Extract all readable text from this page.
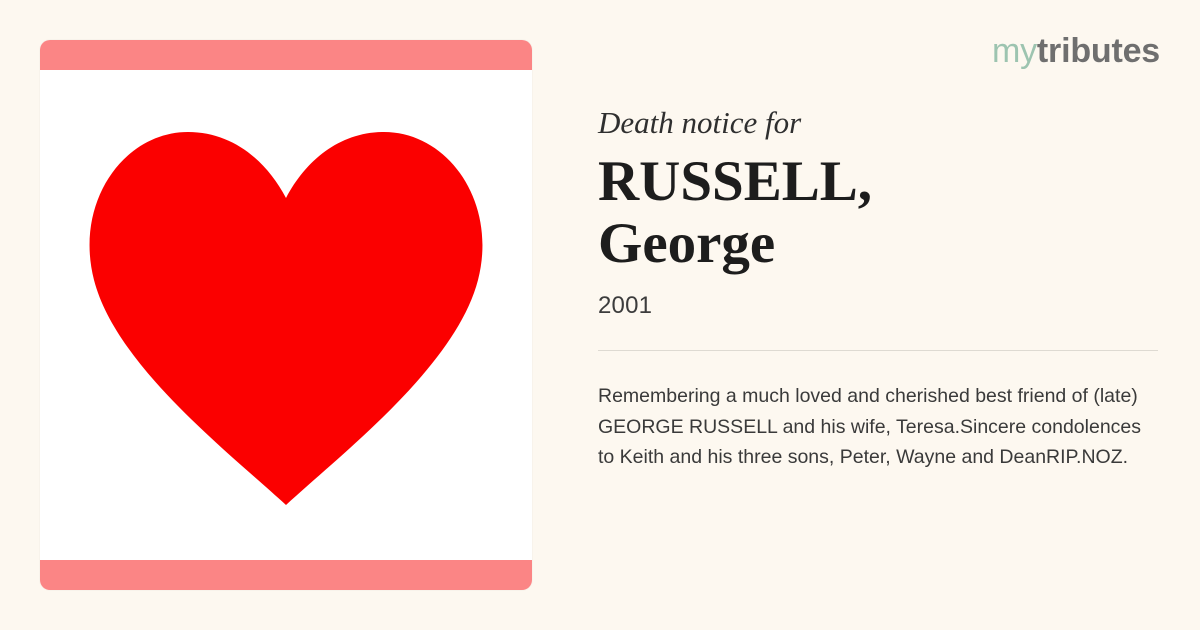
mytributes

Death notice for

RUSSELL, George

2001

Remembering a much loved and cherished best friend of (late) GEORGE RUSSELL and his wife, Teresa.Sincere condolences to Keith and his three sons, Peter, Wayne and DeanRIP.NOZ.
